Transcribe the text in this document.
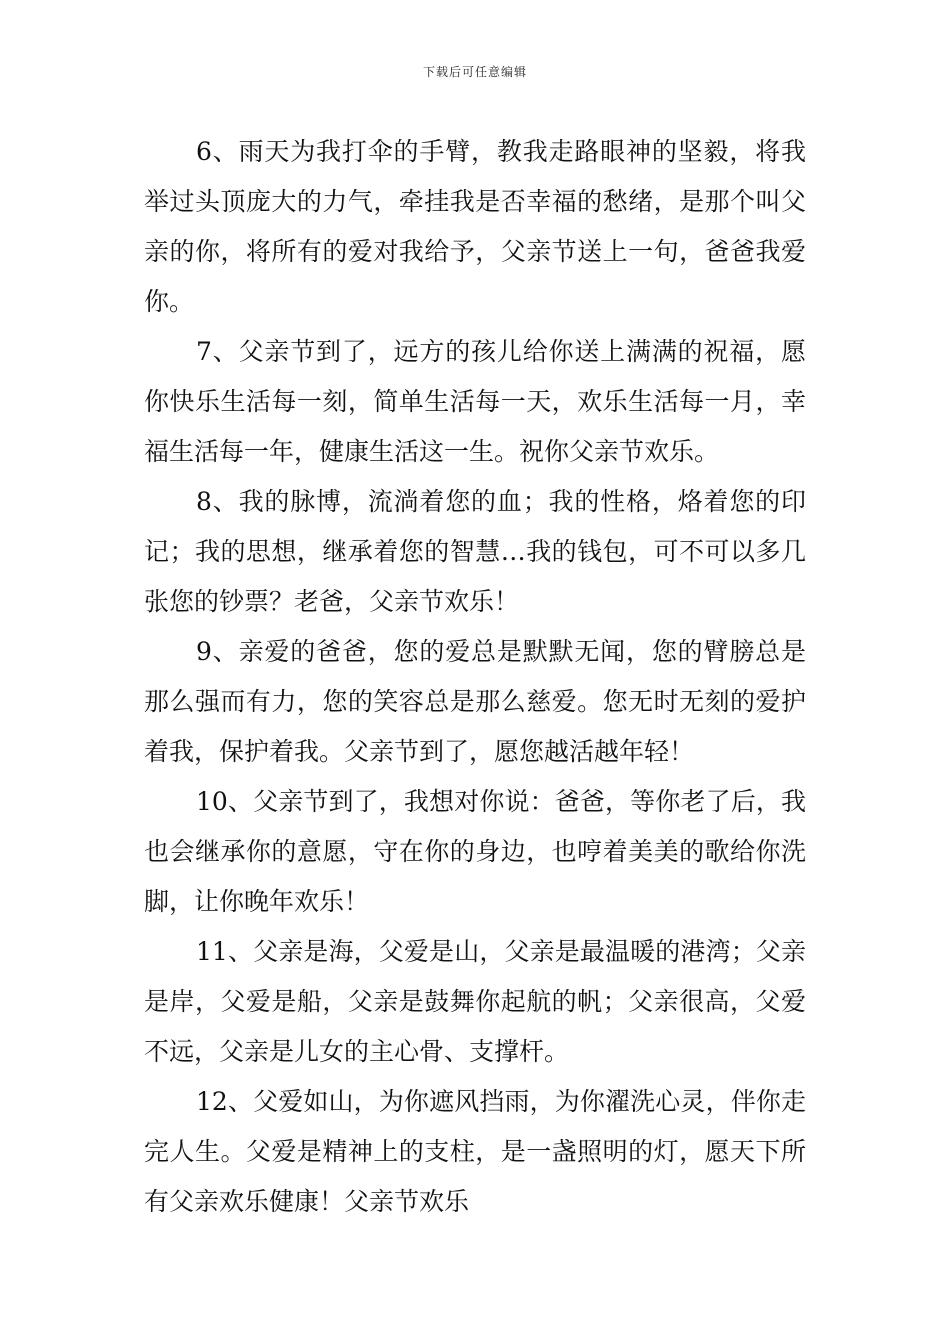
下载后可任意编辑

6、雨天为我打伞的手臂，教我走路眼神的坚毅，将我举过头顶庞大的力气，牵挂我是否幸福的愁绪，是那个叫父亲的你，将所有的爱对我给予，父亲节送上一句，爸爸我爱你。

7、父亲节到了，远方的孩儿给你送上满满的祝福，愿你快乐生活每一刻，简单生活每一天，欢乐生活每一月，幸福生活每一年，健康生活这一生。祝你父亲节欢乐。

8、我的脉博，流淌着您的血；我的性格，烙着您的印记；我的思想，继承着您的智慧…我的钱包，可不可以多几张您的钞票？老爸，父亲节欢乐！

9、亲爱的爸爸，您的爱总是默默无闻，您的臂膀总是那么强而有力，您的笑容总是那么慈爱。您无时无刻的爱护着我，保护着我。父亲节到了，愿您越活越年轻！

10、父亲节到了，我想对你说：爸爸，等你老了后，我也会继承你的意愿，守在你的身边，也哼着美美的歌给你洗脚，让你晚年欢乐！

11、父亲是海，父爱是山，父亲是最温暖的港湾；父亲是岸，父爱是船，父亲是鼓舞你起航的帆；父亲很高，父爱不远，父亲是儿女的主心骨、支撑杆。

12、父爱如山，为你遮风挡雨，为你濯洗心灵，伴你走完人生。父爱是精神上的支柱，是一盏照明的灯，愿天下所有父亲欢乐健康！父亲节欢乐
